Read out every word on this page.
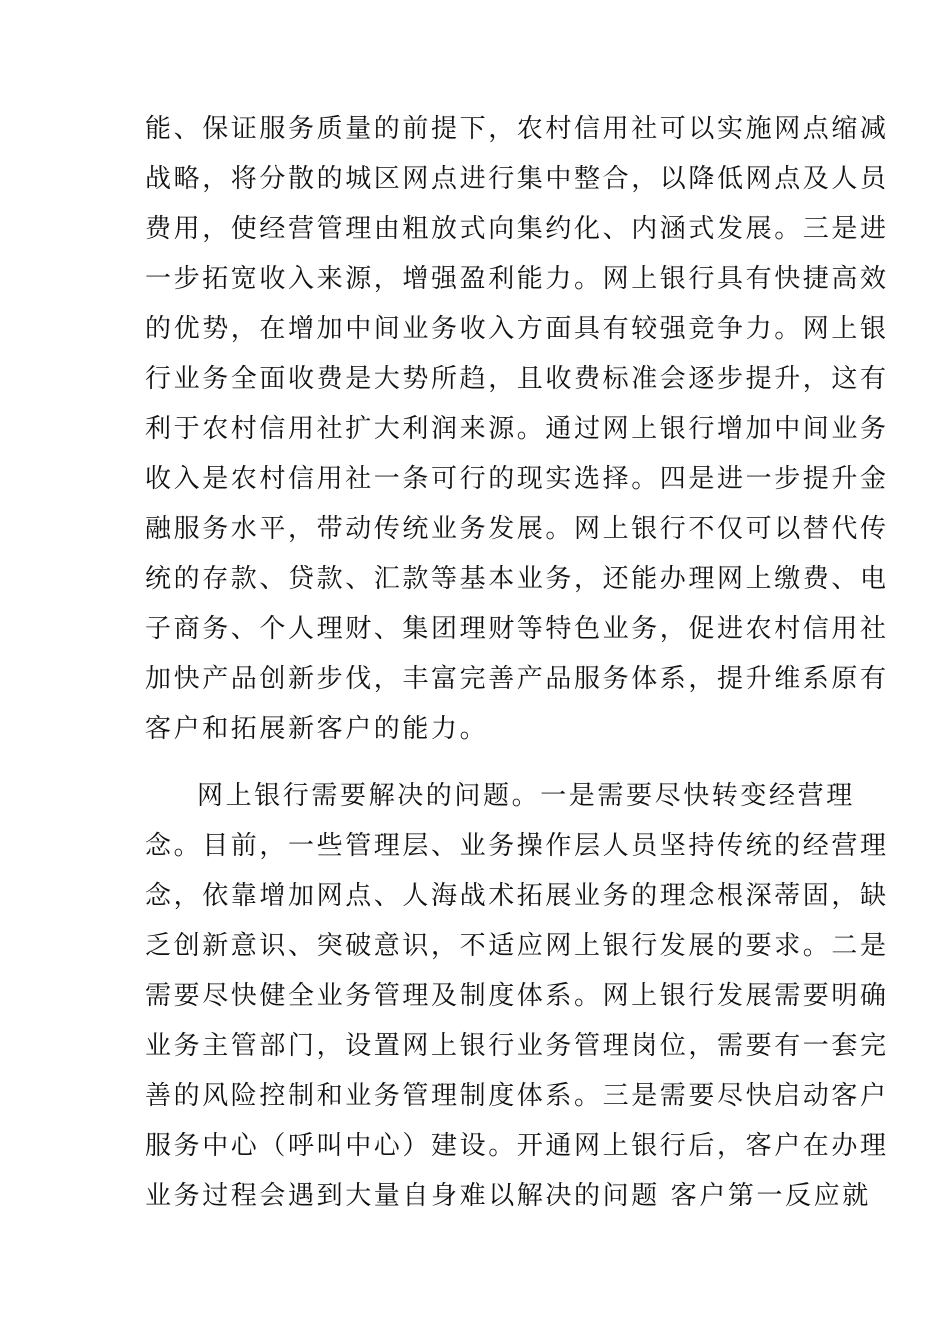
能、保证服务质量的前提下，农村信用社可以实施网点缩减
战略，将分散的城区网点进行集中整合，以降低网点及人员
费用，使经营管理由粗放式向集约化、内涵式发展。三是进
一步拓宽收入来源，增强盈利能力。网上银行具有快捷高效
的优势，在增加中间业务收入方面具有较强竞争力。网上银
行业务全面收费是大势所趋，且收费标准会逐步提升，这有
利于农村信用社扩大利润来源。通过网上银行增加中间业务
收入是农村信用社一条可行的现实选择。四是进一步提升金
融服务水平，带动传统业务发展。网上银行不仅可以替代传
统的存款、贷款、汇款等基本业务，还能办理网上缴费、电
子商务、个人理财、集团理财等特色业务，促进农村信用社
加快产品创新步伐，丰富完善产品服务体系，提升维系原有
客户和拓展新客户的能力。
网上银行需要解决的问题。一是需要尽快转变经营理
念。目前，一些管理层、业务操作层人员坚持传统的经营理
念，依靠增加网点、人海战术拓展业务的理念根深蒂固，缺
乏创新意识、突破意识，不适应网上银行发展的要求。二是
需要尽快健全业务管理及制度体系。网上银行发展需要明确
业务主管部门，设置网上银行业务管理岗位，需要有一套完
善的风险控制和业务管理制度体系。三是需要尽快启动客户
服务中心（呼叫中心）建设。开通网上银行后，客户在办理
业务过程会遇到大量自身难以解决的问题 客户第一反应就
